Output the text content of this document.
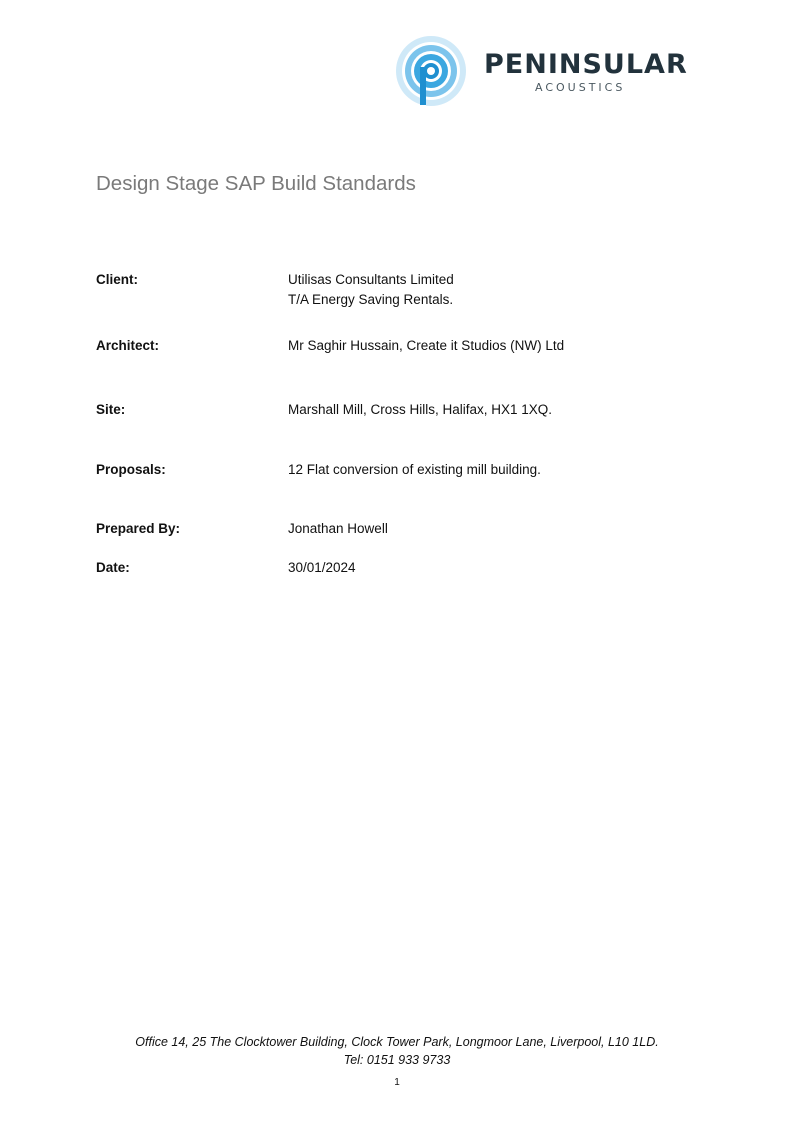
PENINSULAR
ACOUSTICS
Design Stage SAP Build Standards
Client:	Utilisas Consultants Limited
T/A Energy Saving Rentals.
Architect:	Mr Saghir Hussain, Create it Studios (NW) Ltd
Site:	Marshall Mill, Cross Hills, Halifax, HX1 1XQ.
Proposals:	12 Flat conversion of existing mill building.
Prepared By:	Jonathan Howell
Date:	30/01/2024
Office 14, 25 The Clocktower Building, Clock Tower Park, Longmoor Lane, Liverpool, L10 1LD.
Tel: 0151 933 9733
1
